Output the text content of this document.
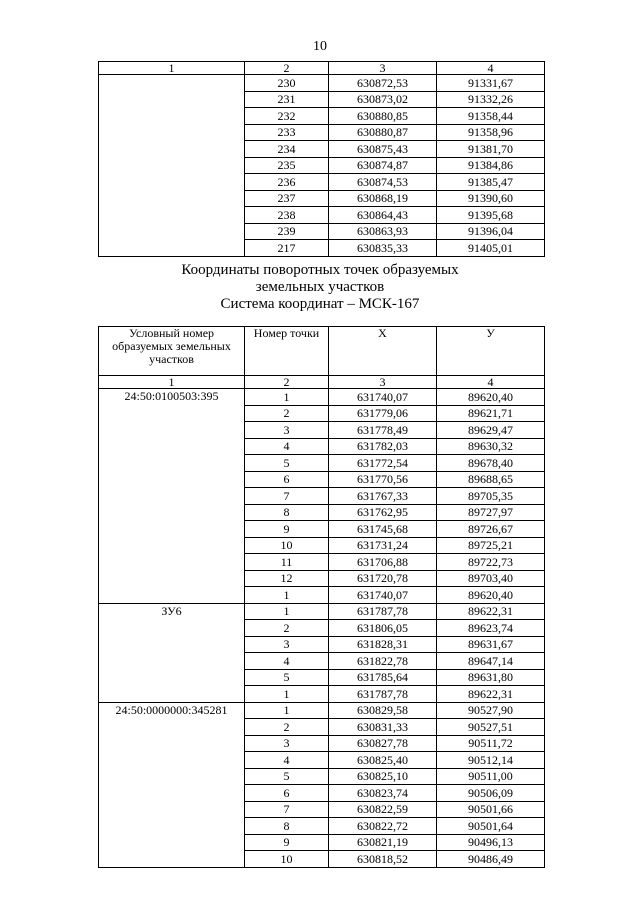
10
1	2	3	4
	230	630872,53	91331,67
	231	630873,02	91332,26
	232	630880,85	91358,44
	233	630880,87	91358,96
	234	630875,43	91381,70
	235	630874,87	91384,86
	236	630874,53	91385,47
	237	630868,19	91390,60
	238	630864,43	91395,68
	239	630863,93	91396,04
	217	630835,33	91405,01
Координаты поворотных точек образуемых
земельных участков
Система координат – МСК-167
Условный номер образуемых земельных участков	Номер точки	X	У
1	2	3	4
24:50:0100503:395	1	631740,07	89620,40
	2	631779,06	89621,71
	3	631778,49	89629,47
	4	631782,03	89630,32
	5	631772,54	89678,40
	6	631770,56	89688,65
	7	631767,33	89705,35
	8	631762,95	89727,97
	9	631745,68	89726,67
	10	631731,24	89725,21
	11	631706,88	89722,73
	12	631720,78	89703,40
	1	631740,07	89620,40
ЗУ6	1	631787,78	89622,31
	2	631806,05	89623,74
	3	631828,31	89631,67
	4	631822,78	89647,14
	5	631785,64	89631,80
	1	631787,78	89622,31
24:50:0000000:345281	1	630829,58	90527,90
	2	630831,33	90527,51
	3	630827,78	90511,72
	4	630825,40	90512,14
	5	630825,10	90511,00
	6	630823,74	90506,09
	7	630822,59	90501,66
	8	630822,72	90501,64
	9	630821,19	90496,13
	10	630818,52	90486,49
